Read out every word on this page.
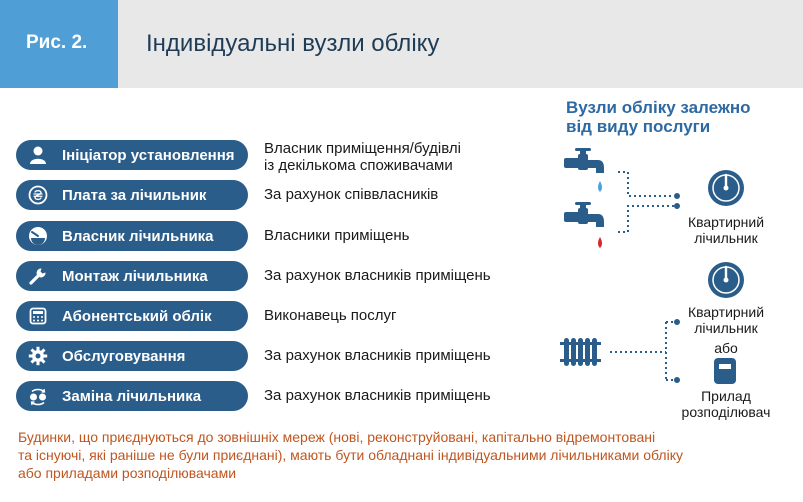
Рис. 2. Індивідуальні вузли обліку
Ініціатор установлення Власник приміщення/будівлі
із декількома споживачами
Плата за лічильник	За рахунок співвласників
Власник лічильника	Власники приміщень
Монтаж лічильника	За рахунок власників приміщень
Абонентський облік	Виконавець послуг
Обслуговування	За рахунок власників приміщень
Заміна лічильника	За рахунок власників приміщень
Вузли обліку залежно
від виду послуги
Квартирний
лічильник
Квартирний
лічильник
або
Прилад
розподілювач
Будинки, що приєднуються до зовнішніх мереж (нові, реконструйовані, капітально відремонтовані
та існуючі, які раніше не були приєднані), мають бути обладнані індивідуальними лічильниками обліку
або приладами розподілювачами
